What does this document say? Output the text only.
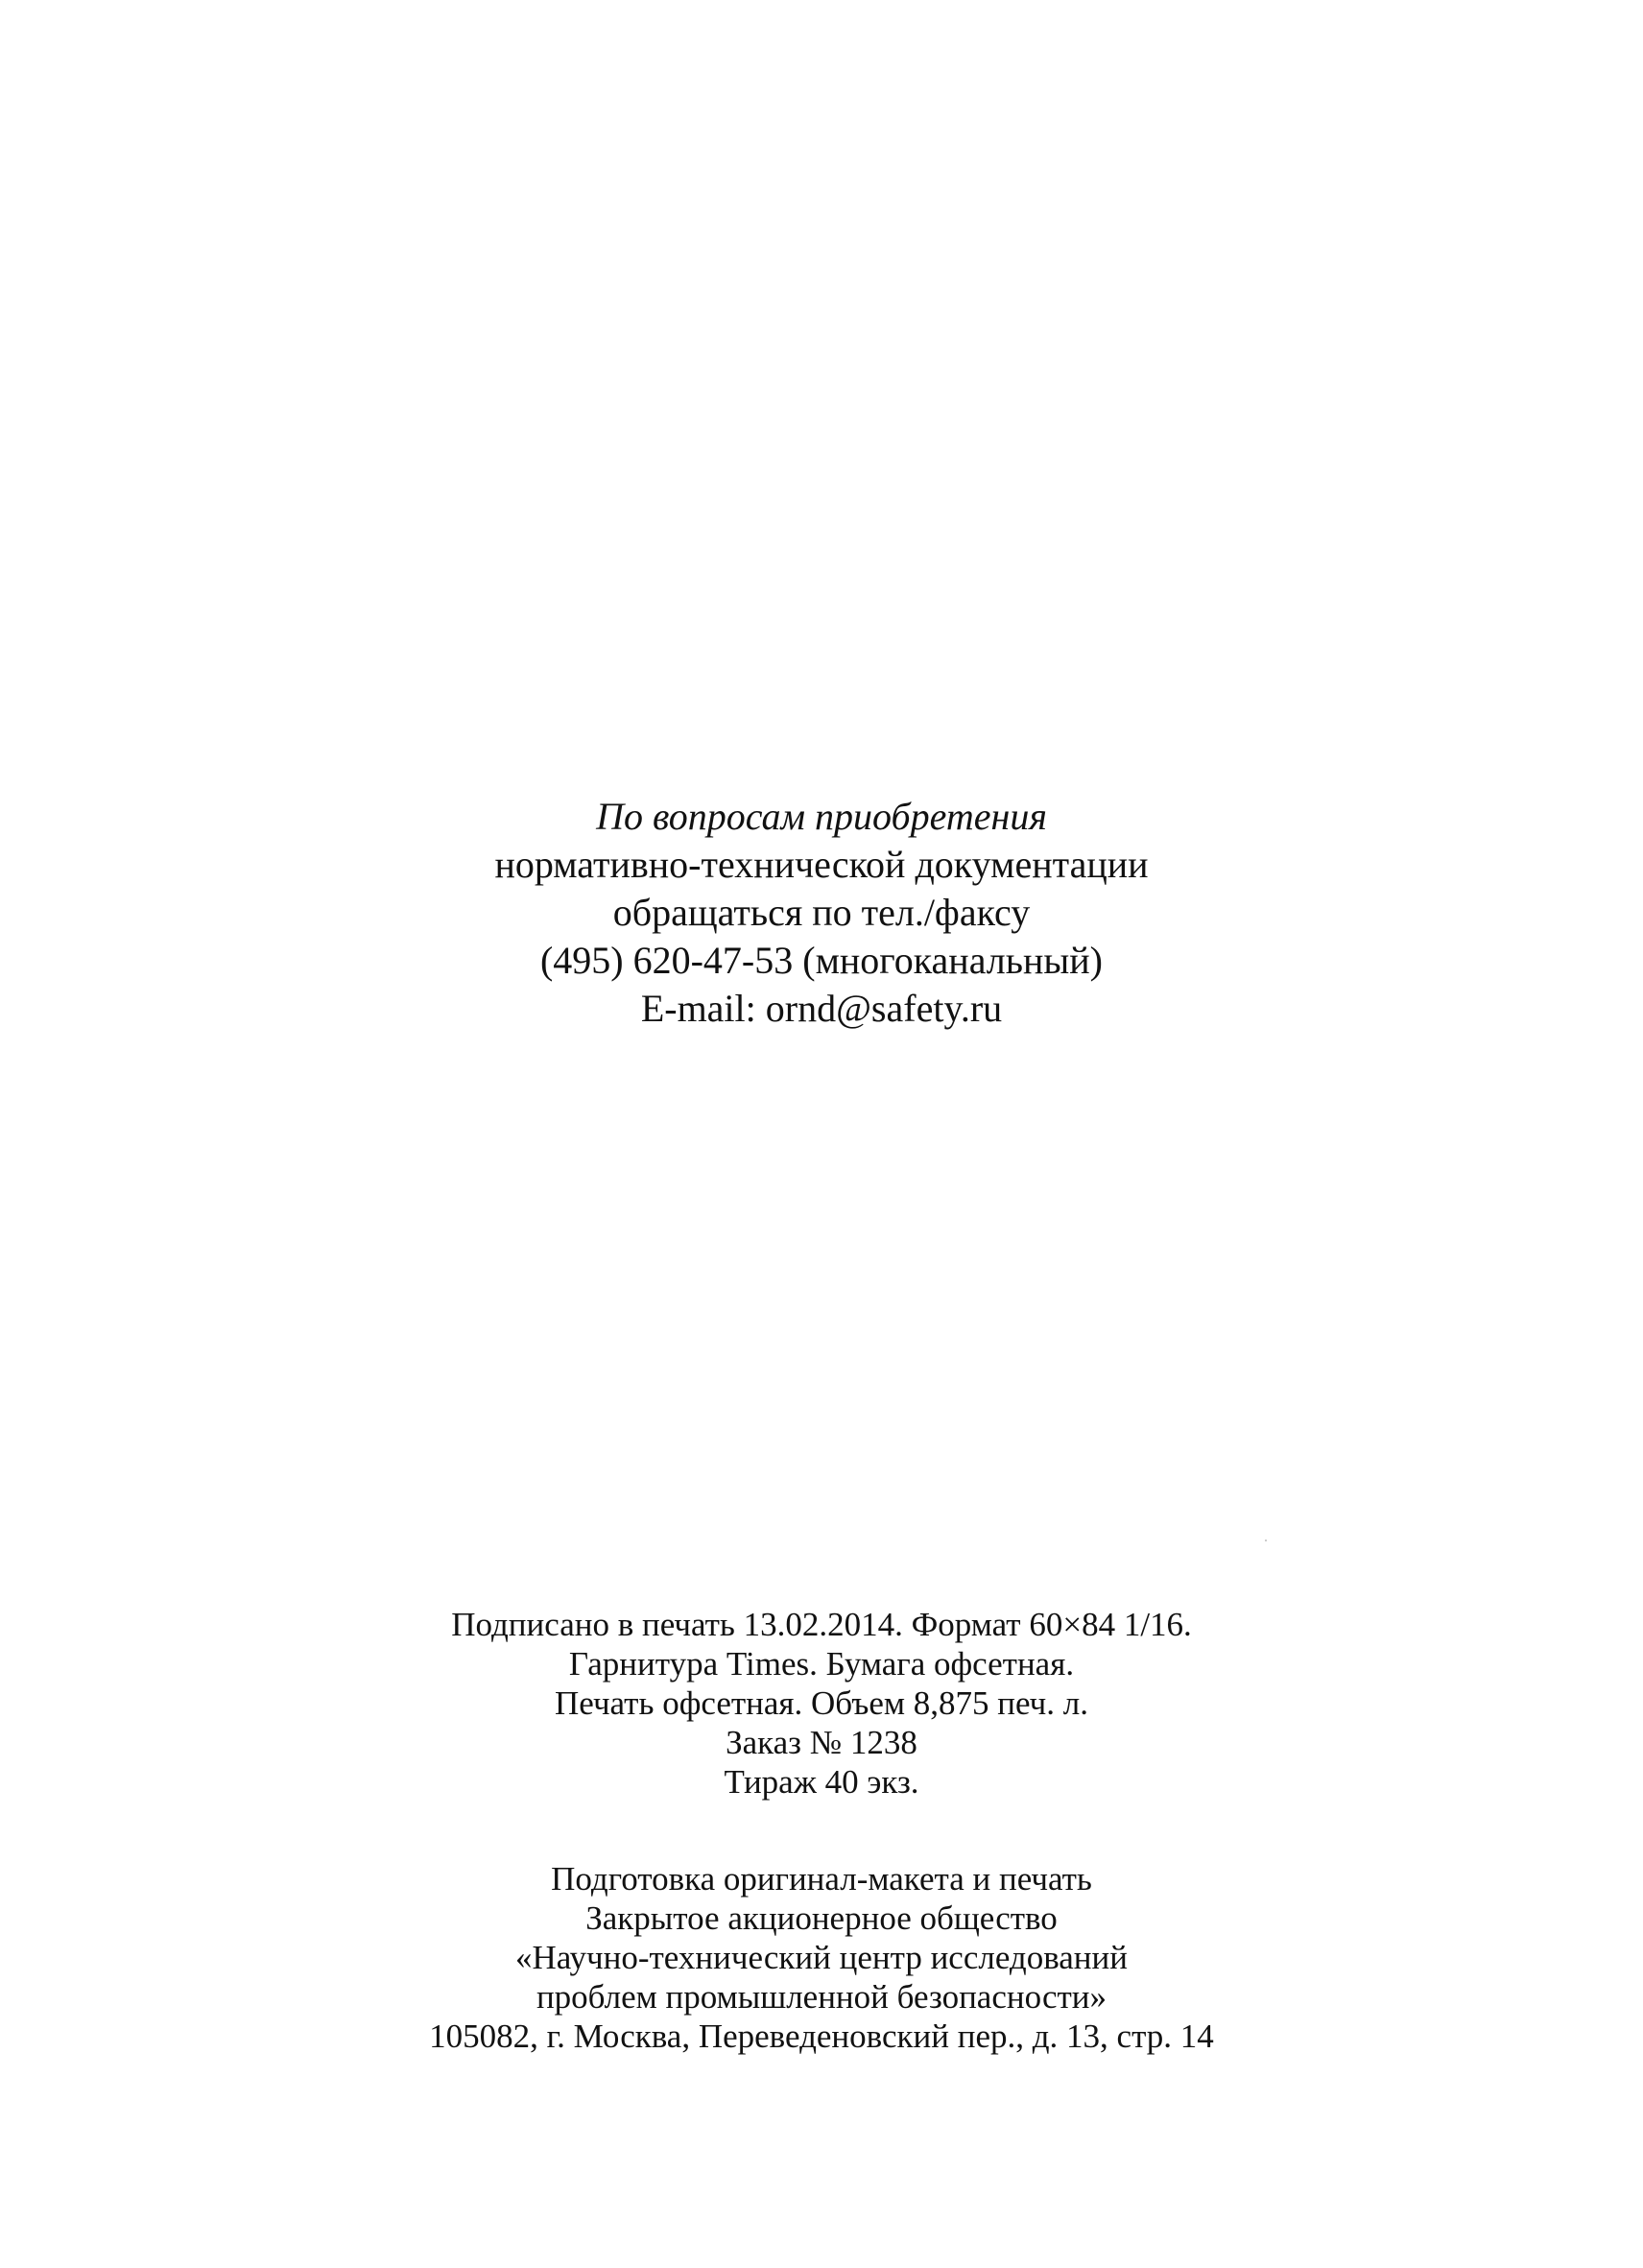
По вопросам приобретения
нормативно-технической документации
обращаться по тел./факсу
(495) 620-47-53 (многоканальный)
E-mail: ornd@safety.ru
Подписано в печать 13.02.2014. Формат 60×84 1/16.
Гарнитура Times. Бумага офсетная.
Печать офсетная. Объем 8,875 печ. л.
Заказ № 1238
Тираж 40 экз.
Подготовка оригинал-макета и печать
Закрытое акционерное общество
«Научно-технический центр исследований
проблем промышленной безопасности»
105082, г. Москва, Переведеновский пер., д. 13, стр. 14
